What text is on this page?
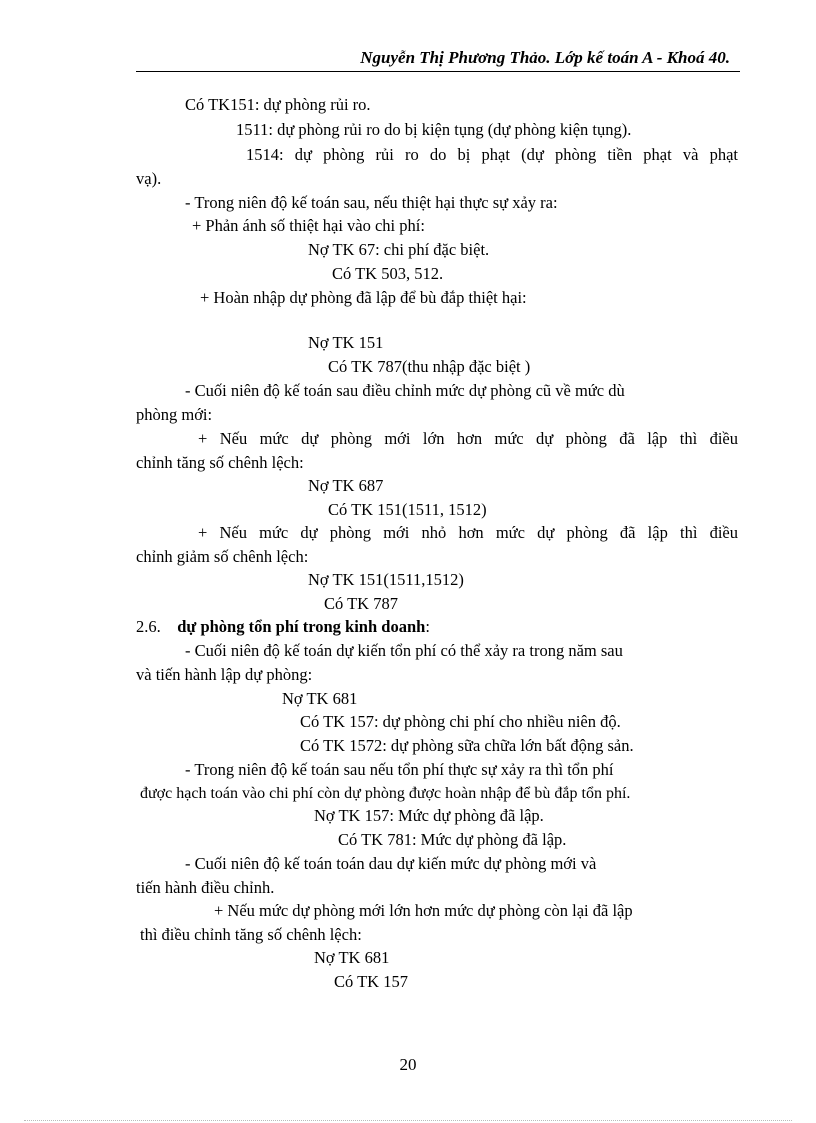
Nguyễn Thị Phương Thảo. Lớp kế toán A - Khoá 40.
Có TK151: dự phòng rủi ro.
1511: dự phòng rủi ro do bị kiện tụng (dự phòng kiện tụng).
1514: dự phòng rủi ro do bị phạt (dự phòng tiền phạt và phạt
vạ).
- Trong niên độ kế toán sau, nếu thiệt hại thực sự xảy ra:
+ Phản ánh số thiệt hại vào chi phí:
Nợ TK 67: chi phí đặc biệt.
Có TK 503, 512.
+ Hoàn nhập dự phòng đã lập để bù đắp thiệt hại:
Nợ TK 151
Có TK 787(thu nhập đặc biệt )
- Cuối niên độ kế toán sau điều chỉnh mức dự phòng cũ về mức dù
phòng mới:
+ Nếu mức dự phòng mới lớn hơn mức dự phòng đã lập thì điều
chỉnh tăng số chênh lệch:
Nợ TK 687
Có TK 151(1511, 1512)
+ Nếu mức dự phòng mới nhỏ hơn mức dự phòng đã lập thì điều
chỉnh giảm số chênh lệch:
Nợ TK 151(1511,1512)
Có TK 787
2.6. dự phòng tổn phí trong kinh doanh:
- Cuối niên độ kế toán dự kiến tổn phí có thể xảy ra trong năm sau
và tiến hành lập dự phòng:
Nợ TK 681
Có TK 157: dự phòng chi phí cho nhiều niên độ.
Có TK 1572: dự phòng sữa chữa lớn bất động sản.
- Trong niên độ kế toán sau nếu tổn phí thực sự xảy ra thì tổn phí
được hạch toán vào chi phí còn dự phòng được hoàn nhập để bù đắp tổn phí.
Nợ TK 157: Mức dự phòng đã lập.
Có TK 781: Mức dự phòng đã lập.
- Cuối niên độ kế toán toán dau dự kiến mức dự phòng mới và
tiến hành điều chỉnh.
+ Nếu mức dự phòng mới lớn hơn mức dự phòng còn lại đã lập
thì điều chỉnh tăng số chênh lệch:
Nợ TK 681
Có TK 157
20
